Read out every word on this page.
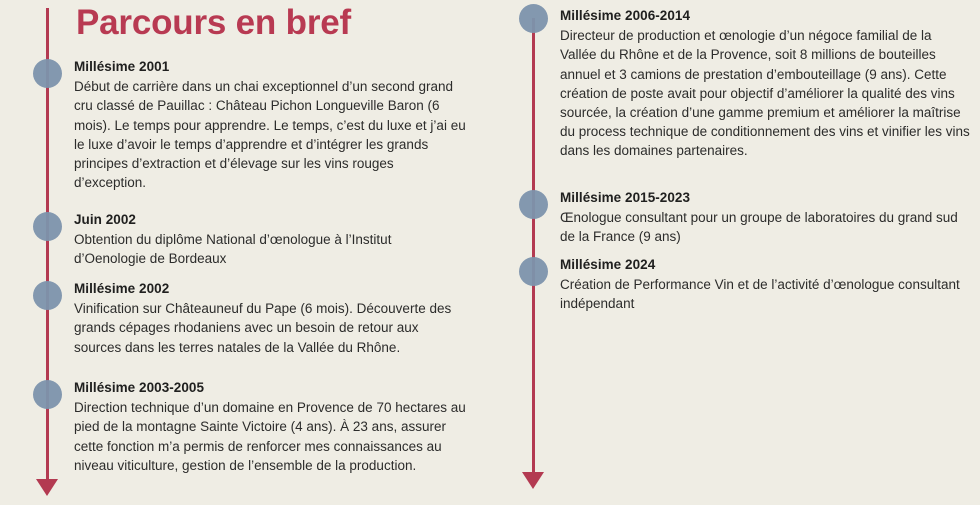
Parcours en bref
Millésime 2001
Début de carrière dans un chai exceptionnel d’un second grand cru classé de Pauillac : Château Pichon Longueville Baron (6 mois). Le temps pour apprendre. Le temps, c’est du luxe et j’ai eu le luxe d’avoir le temps d’apprendre et d’intégrer les grands principes d’extraction et d’élevage sur les vins rouges d’exception.
Juin 2002
Obtention du diplôme National d’œnologue à l’Institut d’Oenologie de Bordeaux
Millésime 2002
Vinification sur Châteauneuf du Pape (6 mois). Découverte des grands cépages rhodaniens avec un besoin de retour aux sources dans les terres natales de la Vallée du Rhône.
Millésime 2003-2005
Direction technique d’un domaine en Provence de 70 hectares au pied de la montagne Sainte Victoire (4 ans). À 23 ans, assurer cette fonction m’a permis de renforcer mes connaissances au niveau viticulture, gestion de l’ensemble de la production.
Millésime 2006-2014
Directeur de production et œnologie d’un négoce familial de la Vallée du Rhône et de la Provence, soit 8 millions de bouteilles annuel et 3 camions de prestation d’embouteillage (9 ans). Cette création de poste avait pour objectif d’améliorer la qualité des vins sourcée, la création d’une gamme premium et améliorer la maîtrise du process technique de conditionnement des vins et vinifier les vins dans les domaines partenaires.
Millésime 2015-2023
Œnologue consultant pour un groupe de laboratoires du grand sud de la France (9 ans)
Millésime 2024
Création de Performance Vin et de l’activité d’œnologue consultant indépendant
